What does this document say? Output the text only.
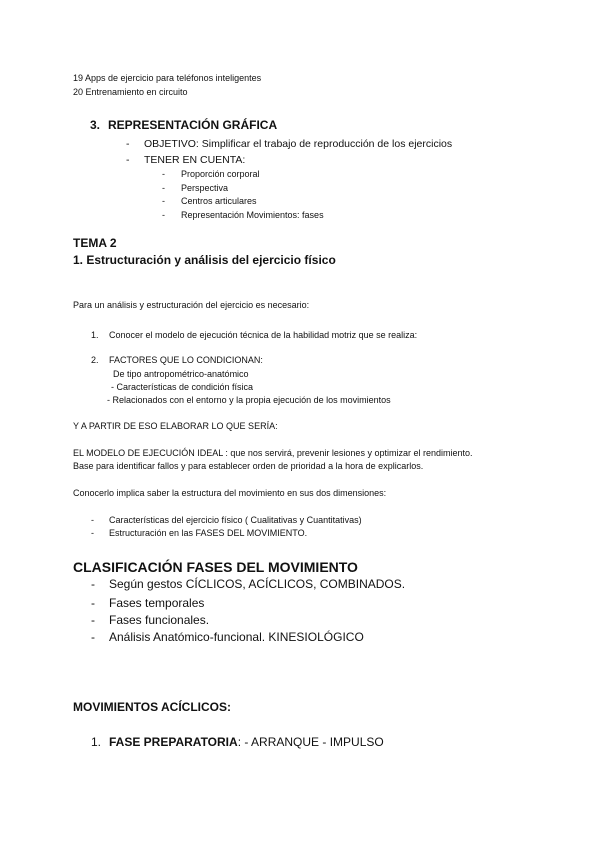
19 Apps de ejercicio para teléfonos inteligentes
20 Entrenamiento en circuito
3. REPRESENTACIÓN GRÁFICA
- OBJETIVO: Simplificar el trabajo de reproducción de los ejercicios
- TENER EN CUENTA:
- Proporción corporal
- Perspectiva
- Centros articulares
- Representación Movimientos: fases
TEMA 2
1. Estructuración y análisis del ejercicio físico
Para un análisis y estructuración del ejercicio es necesario:
1. Conocer el modelo de ejecución técnica de la habilidad motriz que se realiza:
2. FACTORES QUE LO CONDICIONAN:
De tipo antropométrico-anatómico
- Características de condición física
- Relacionados con el entorno y la propia ejecución de los movimientos
Y A PARTIR DE ESO ELABORAR LO QUE SERÍA:
EL MODELO DE EJECUCIÓN IDEAL : que nos servirá, prevenir lesiones y optimizar el rendimiento.
Base para identificar fallos y para establecer orden de prioridad a la hora de explicarlos.
Conocerlo implica saber la estructura del movimiento en sus dos dimensiones:
- Características del ejercicio físico ( Cualitativas y Cuantitativas)
- Estructuración en las FASES DEL MOVIMIENTO.
CLASIFICACIÓN FASES DEL MOVIMIENTO
- Según gestos CÍCLICOS, ACÍCLICOS, COMBINADOS.
- Fases temporales
- Fases funcionales.
- Análisis Anatómico-funcional. KINESIOLÓGICO
MOVIMIENTOS ACÍCLICOS:
1. FASE PREPARATORIA: - ARRANQUE - IMPULSO
